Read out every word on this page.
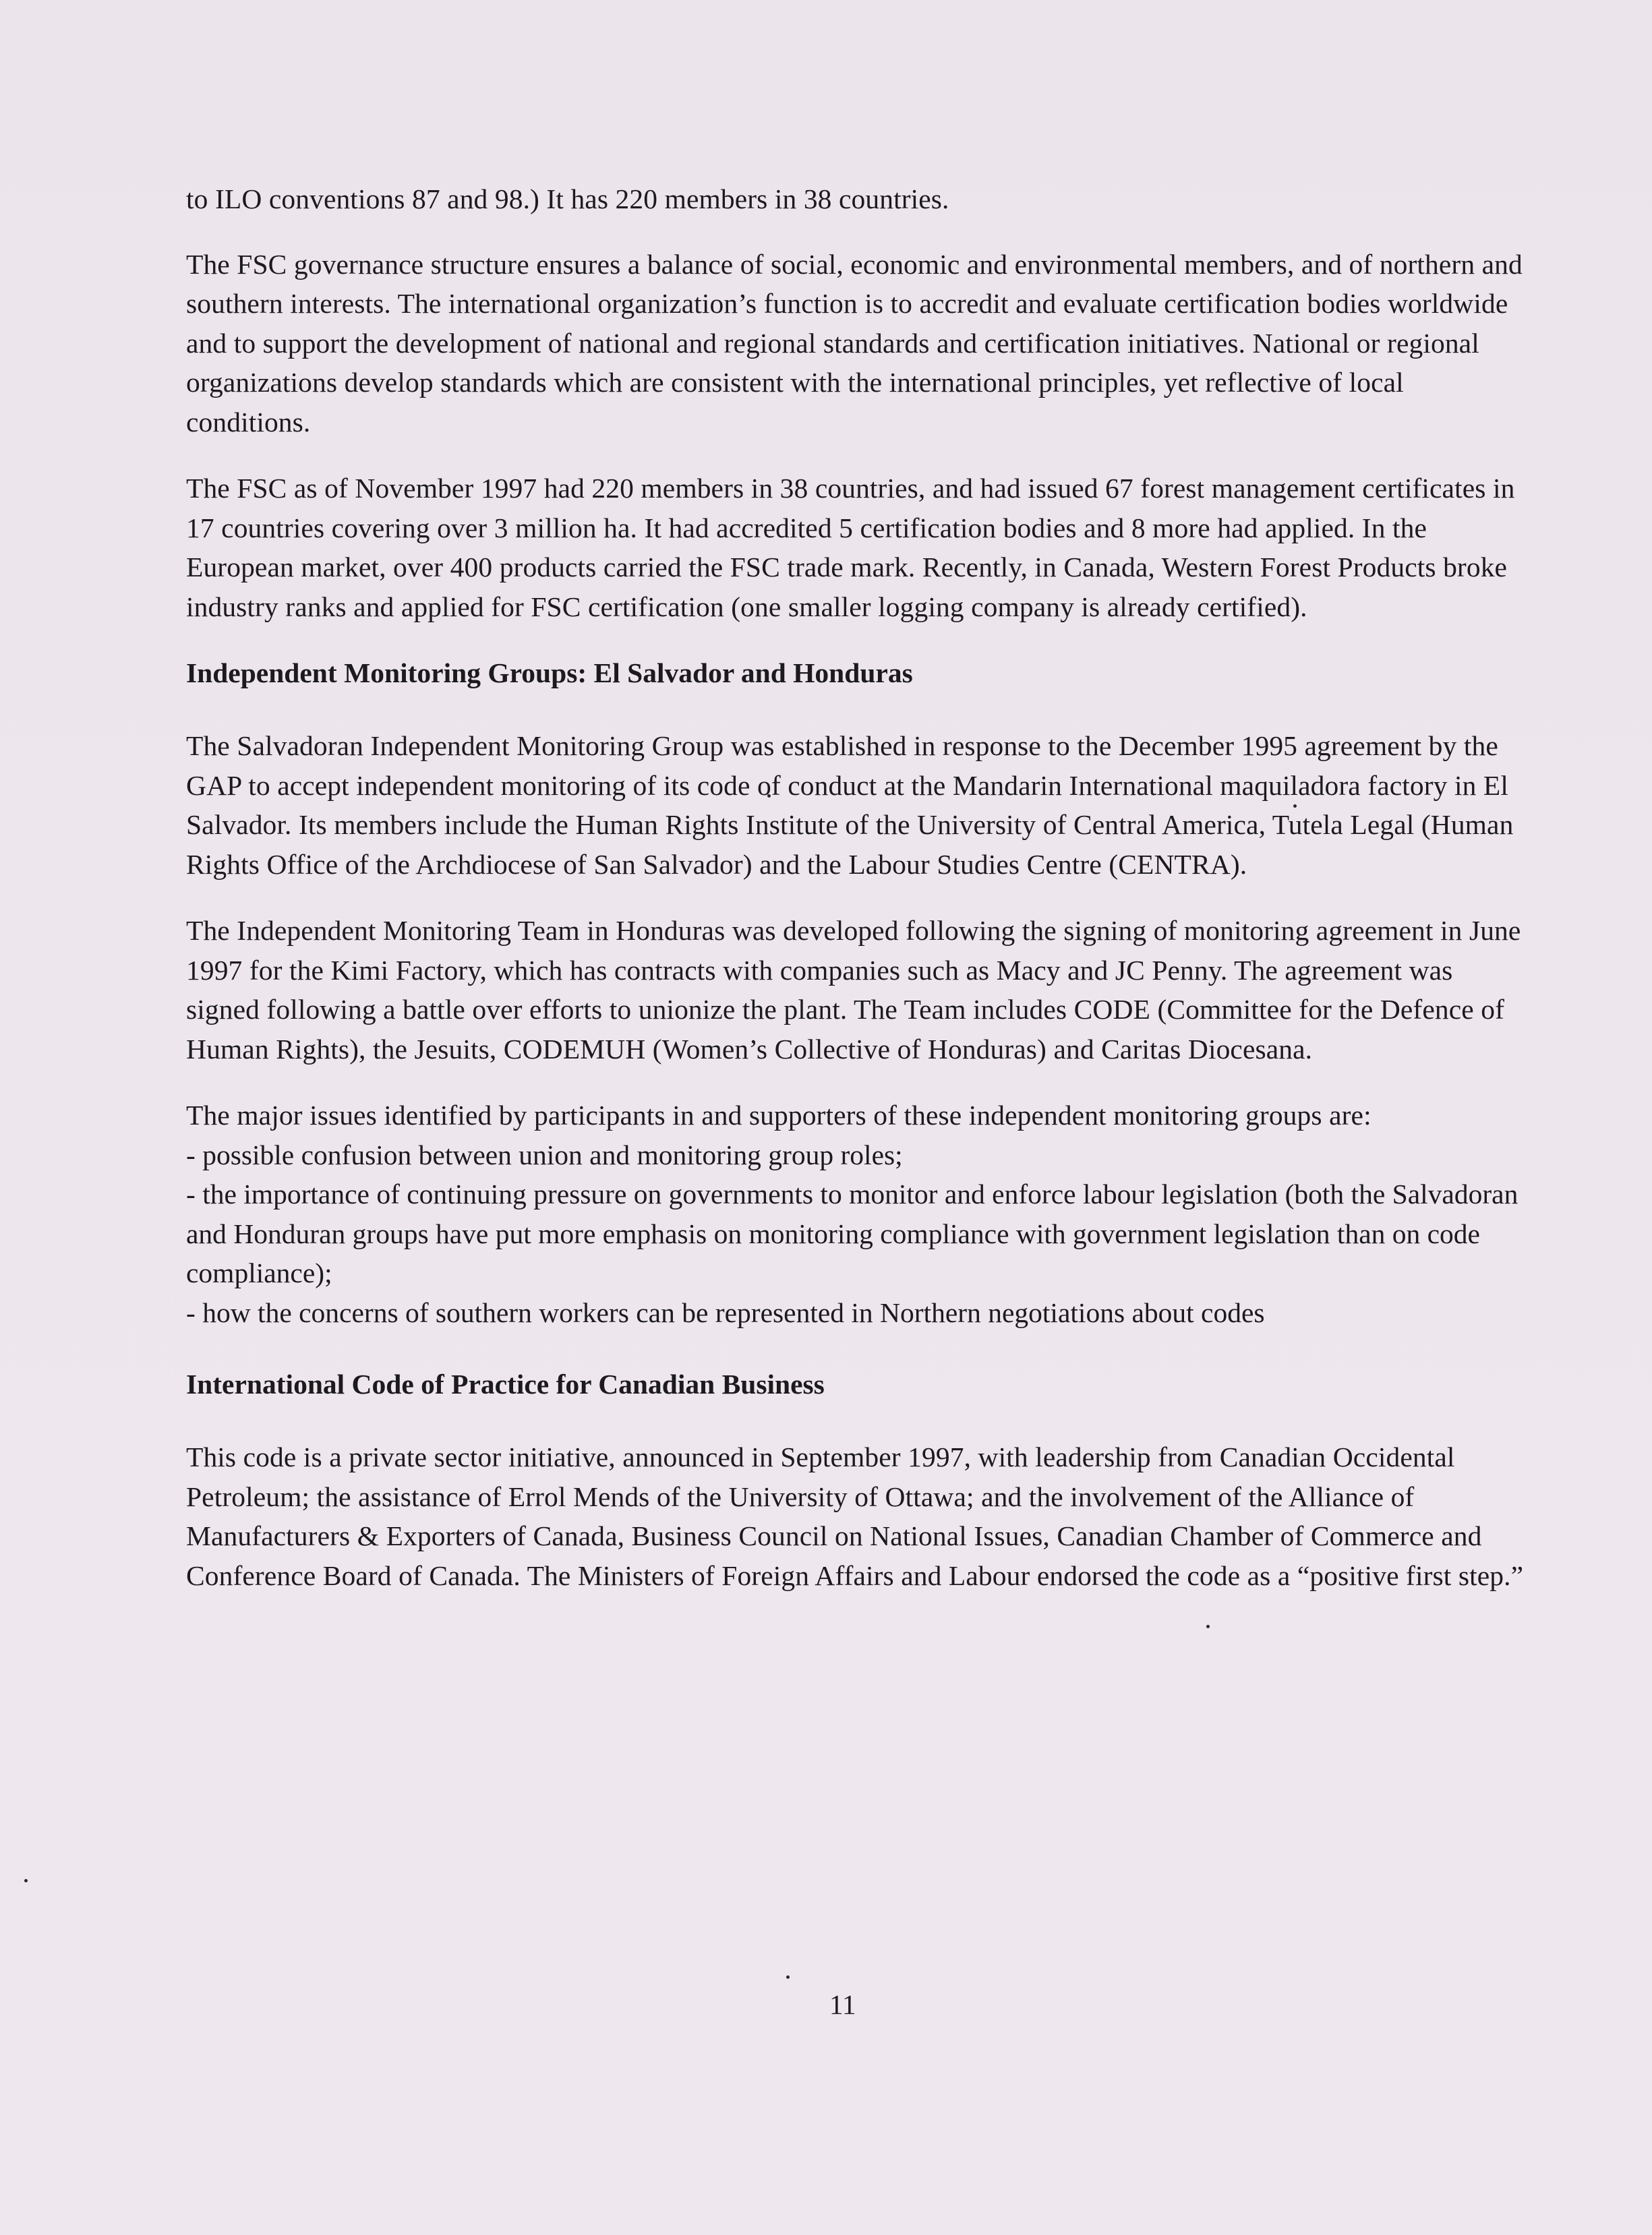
to ILO conventions 87 and 98.) It has 220 members in 38 countries.

The FSC governance structure ensures a balance of social, economic and environmental members, and of northern and southern interests. The international organization’s function is to accredit and evaluate certification bodies worldwide and to support the development of national and regional standards and certification initiatives. National or regional organizations develop standards which are consistent with the international principles, yet reflective of local conditions.

The FSC as of November 1997 had 220 members in 38 countries, and had issued 67 forest management certificates in 17 countries covering over 3 million ha. It had accredited 5 certification bodies and 8 more had applied. In the European market, over 400 products carried the FSC trade mark. Recently, in Canada, Western Forest Products broke industry ranks and applied for FSC certification (one smaller logging company is already certified).

Independent Monitoring Groups: El Salvador and Honduras

The Salvadoran Independent Monitoring Group was established in response to the December 1995 agreement by the GAP to accept independent monitoring of its code of conduct at the Mandarin International maquiladora factory in El Salvador. Its members include the Human Rights Institute of the University of Central America, Tutela Legal (Human Rights Office of the Archdiocese of San Salvador) and the Labour Studies Centre (CENTRA).

The Independent Monitoring Team in Honduras was developed following the signing of monitoring agreement in June 1997 for the Kimi Factory, which has contracts with companies such as Macy and JC Penny. The agreement was signed following a battle over efforts to unionize the plant. The Team includes CODE (Committee for the Defence of Human Rights), the Jesuits, CODEMUH (Women’s Collective of Honduras) and Caritas Diocesana.

The major issues identified by participants in and supporters of these independent monitoring groups are:

- possible confusion between union and monitoring group roles;
- the importance of continuing pressure on governments to monitor and enforce labour legislation (both the Salvadoran and Honduran groups have put more emphasis on monitoring compliance with government legislation than on code compliance);
- how the concerns of southern workers can be represented in Northern negotiations about codes
International Code of Practice for Canadian Business

This code is a private sector initiative, announced in September 1997, with leadership from Canadian Occidental Petroleum; the assistance of Errol Mends of the University of Ottawa; and the involvement of the Alliance of Manufacturers & Exporters of Canada, Business Council on National Issues, Canadian Chamber of Commerce and Conference Board of Canada. The Ministers of Foreign Affairs and Labour endorsed the code as a “positive first step.”

11
